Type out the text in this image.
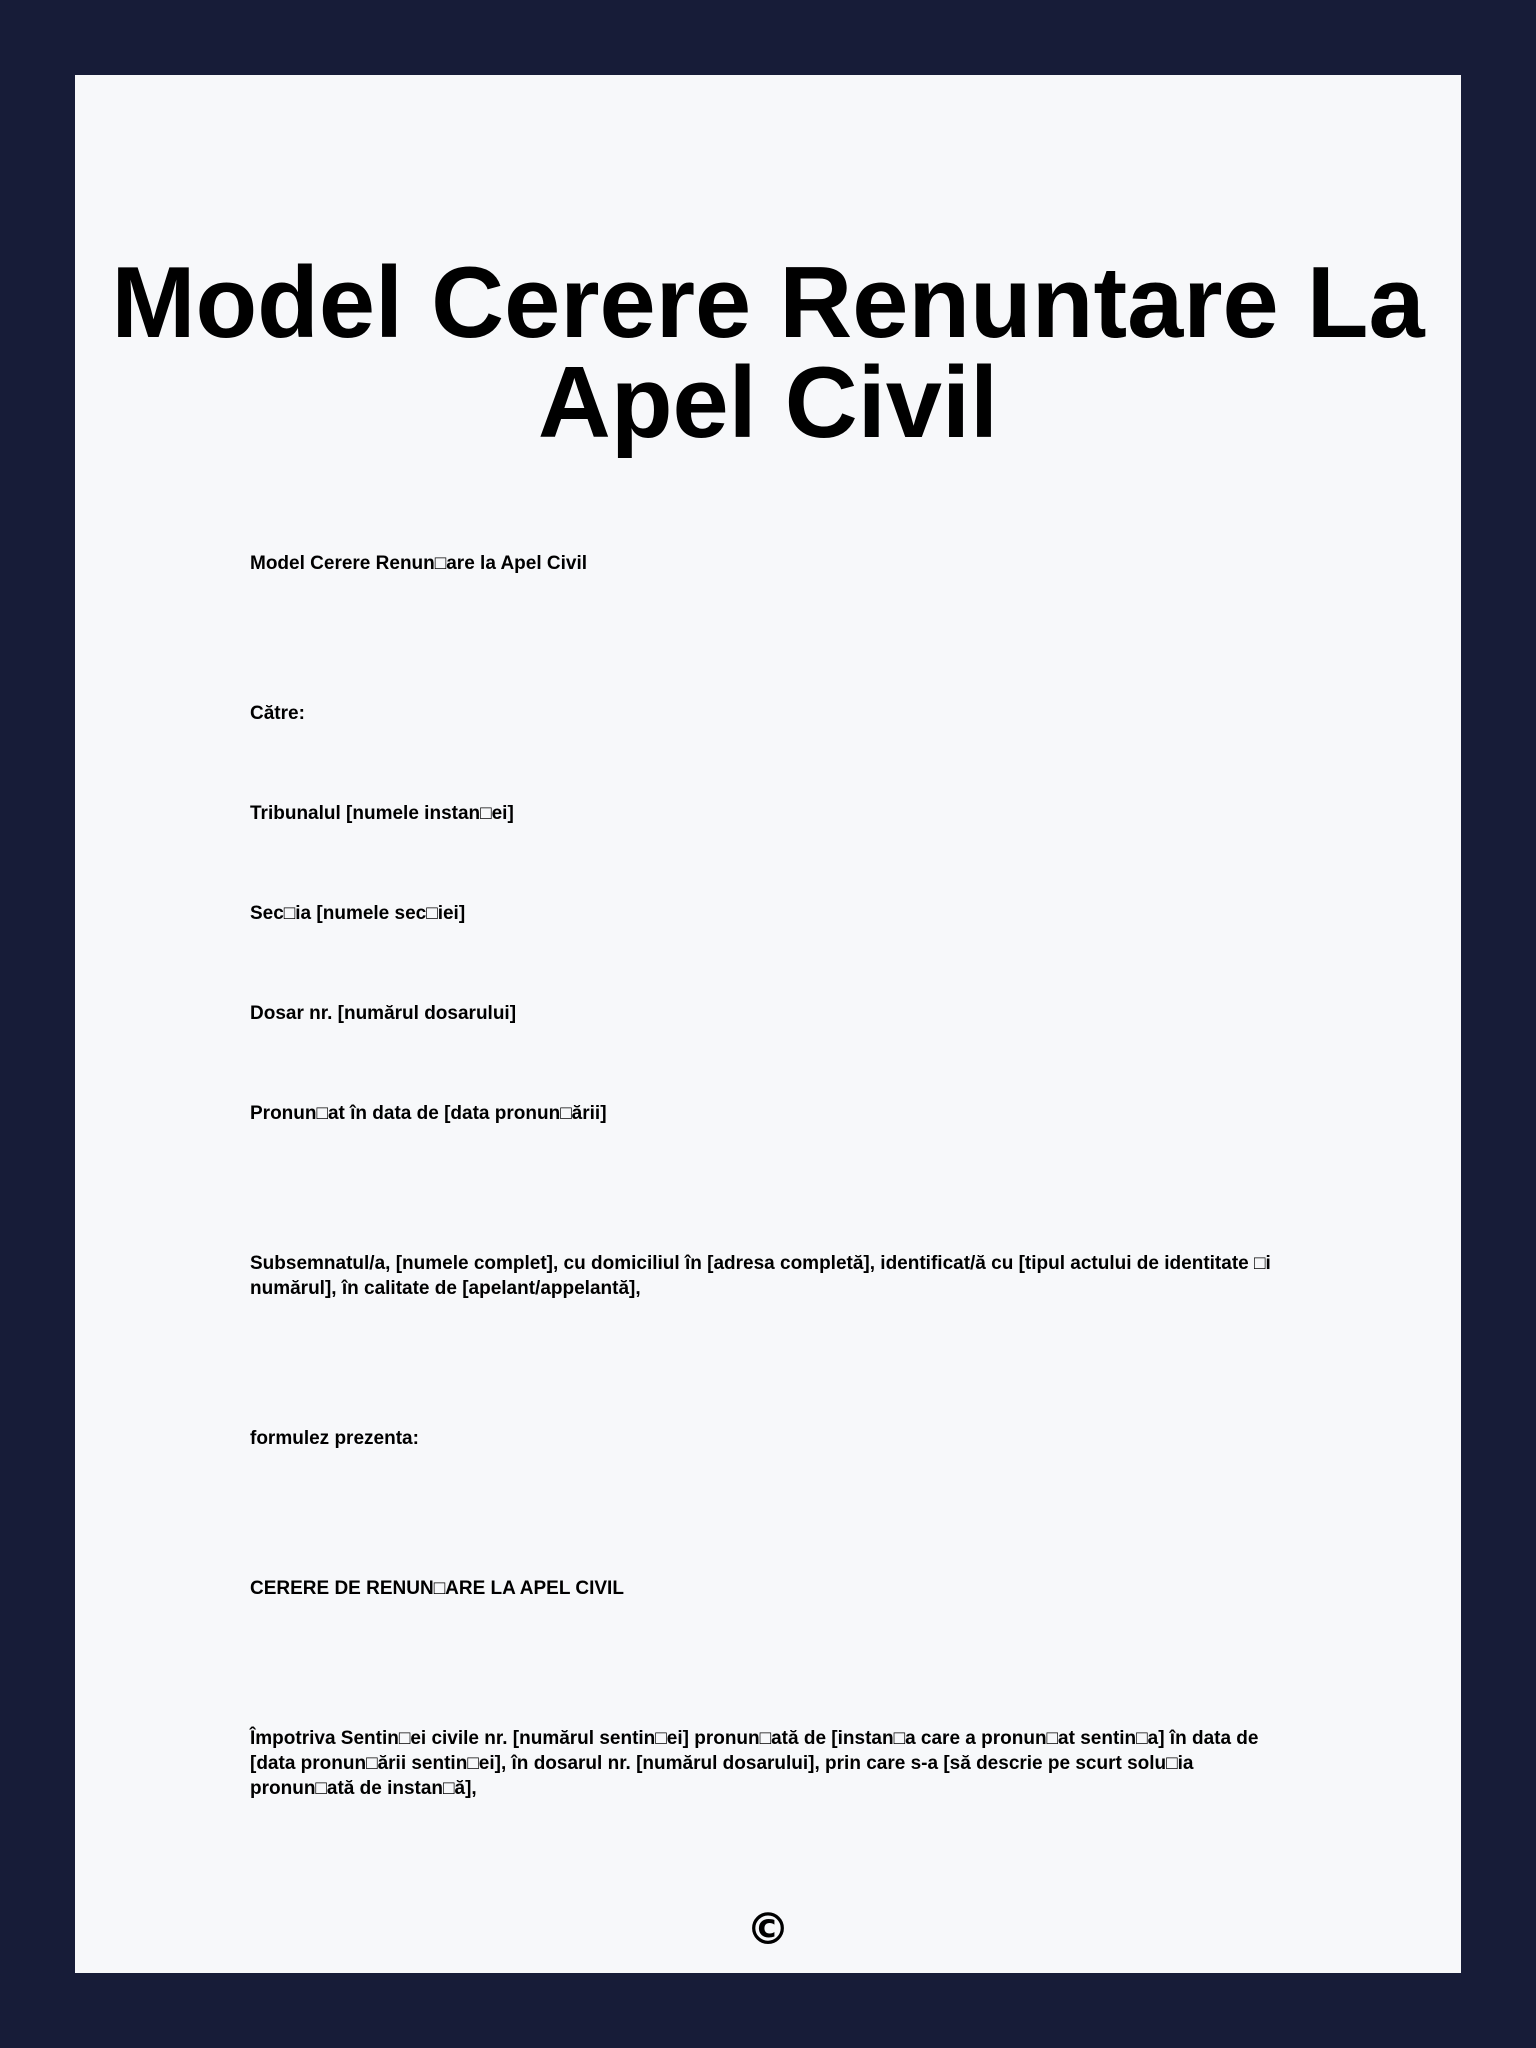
Model Cerere Renuntare La Apel Civil

Model Cerere Renun□are la Apel Civil

Către:

Tribunalul [numele instan□ei]

Sec□ia [numele sec□iei]

Dosar nr. [numărul dosarului]

Pronun□at în data de [data pronun□ării]

Subsemnatul/a, [numele complet], cu domiciliul în [adresa completă], identificat/ă cu [tipul actului de identitate □i numărul], în calitate de [apelant/appelantă],

formulez prezenta:

CERERE DE RENUN□ARE LA APEL CIVIL

Împotriva Sentin□ei civile nr. [numărul sentin□ei] pronun□ată de [instan□a care a pronun□at sentin□a] în data de [data pronun□ării sentin□ei], în dosarul nr. [numărul dosarului], prin care s-a [să descrie pe scurt solu□ia pronun□ată de instan□ă],

©
